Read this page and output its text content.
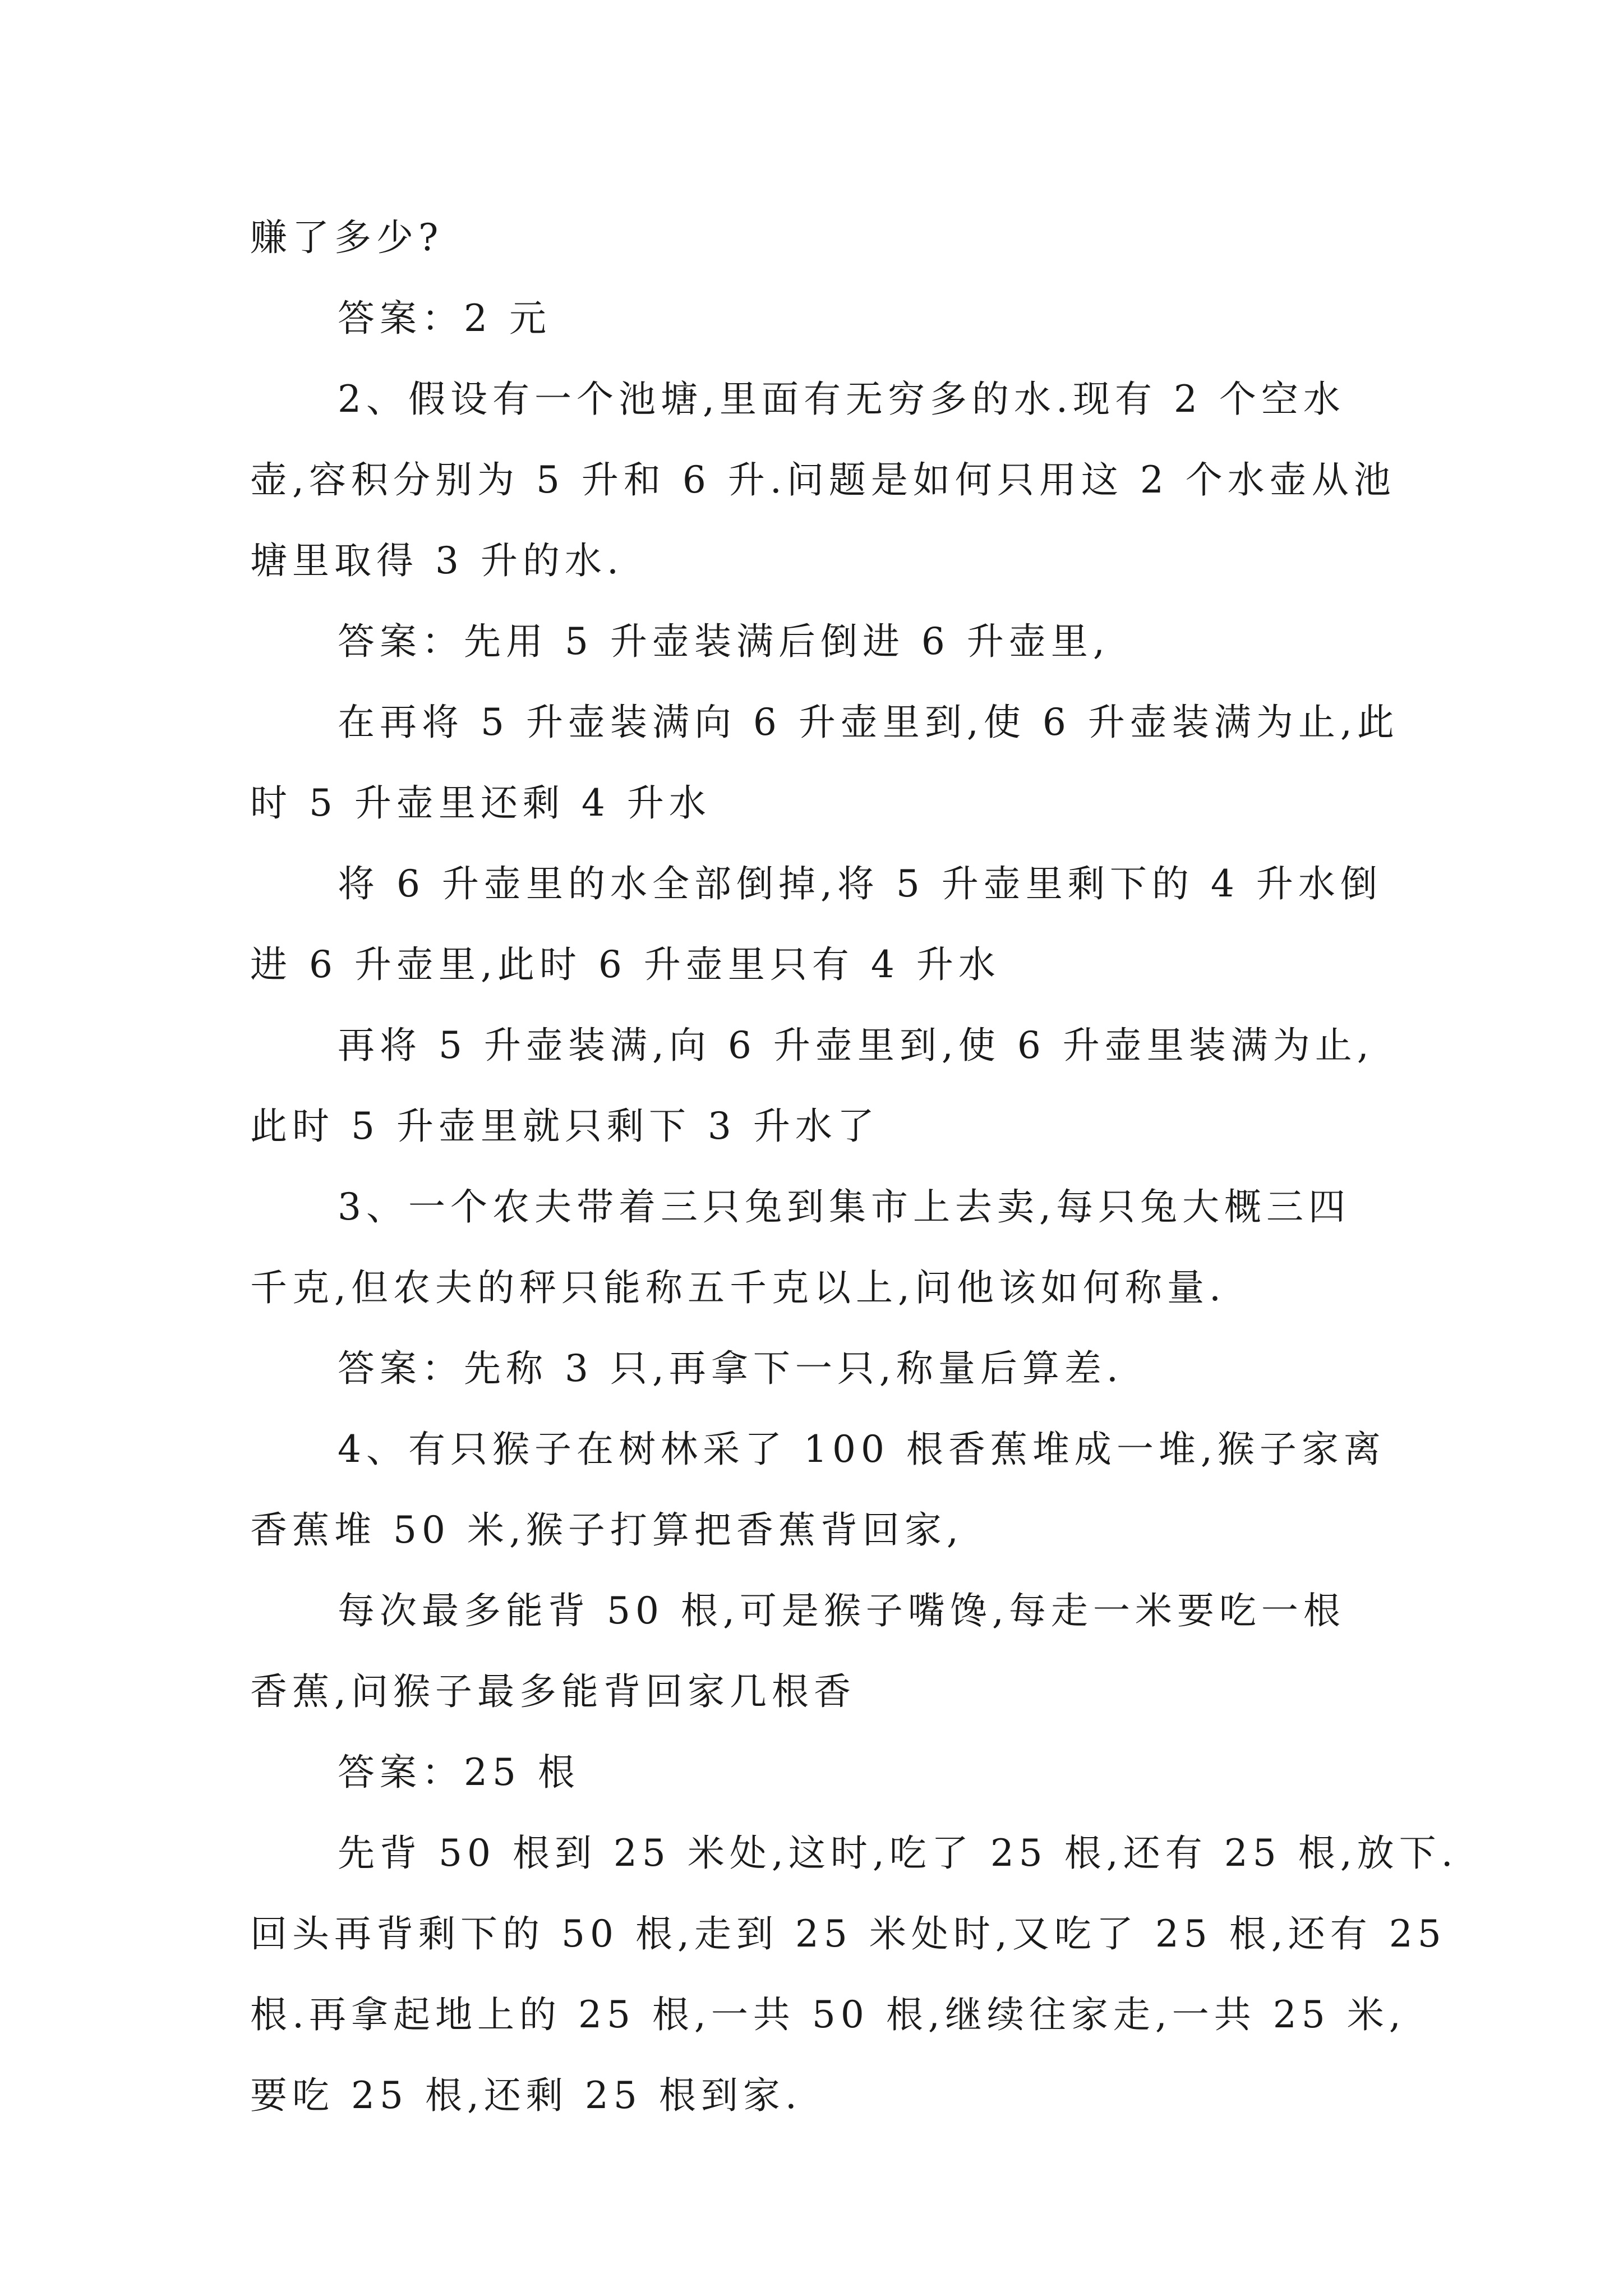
赚了多少?
答案：2 元
2、假设有一个池塘,里面有无穷多的水.现有 2 个空水
壶,容积分别为 5 升和 6 升.问题是如何只用这 2 个水壶从池
塘里取得 3 升的水.
答案：先用 5 升壶装满后倒进 6 升壶里,
在再将 5 升壶装满向 6 升壶里到,使 6 升壶装满为止,此
时 5 升壶里还剩 4 升水
将 6 升壶里的水全部倒掉,将 5 升壶里剩下的 4 升水倒
进 6 升壶里,此时 6 升壶里只有 4 升水
再将 5 升壶装满,向 6 升壶里到,使 6 升壶里装满为止,
此时 5 升壶里就只剩下 3 升水了
3、一个农夫带着三只兔到集市上去卖,每只兔大概三四
千克,但农夫的秤只能称五千克以上,问他该如何称量.
答案：先称 3 只,再拿下一只,称量后算差.
4、有只猴子在树林采了 100 根香蕉堆成一堆,猴子家离
香蕉堆 50 米,猴子打算把香蕉背回家,
每次最多能背 50 根,可是猴子嘴馋,每走一米要吃一根
香蕉,问猴子最多能背回家几根香
答案：25 根
先背 50 根到 25 米处,这时,吃了 25 根,还有 25 根,放下.
回头再背剩下的 50 根,走到 25 米处时,又吃了 25 根,还有 25
根.再拿起地上的 25 根,一共 50 根,继续往家走,一共 25 米,
要吃 25 根,还剩 25 根到家.
